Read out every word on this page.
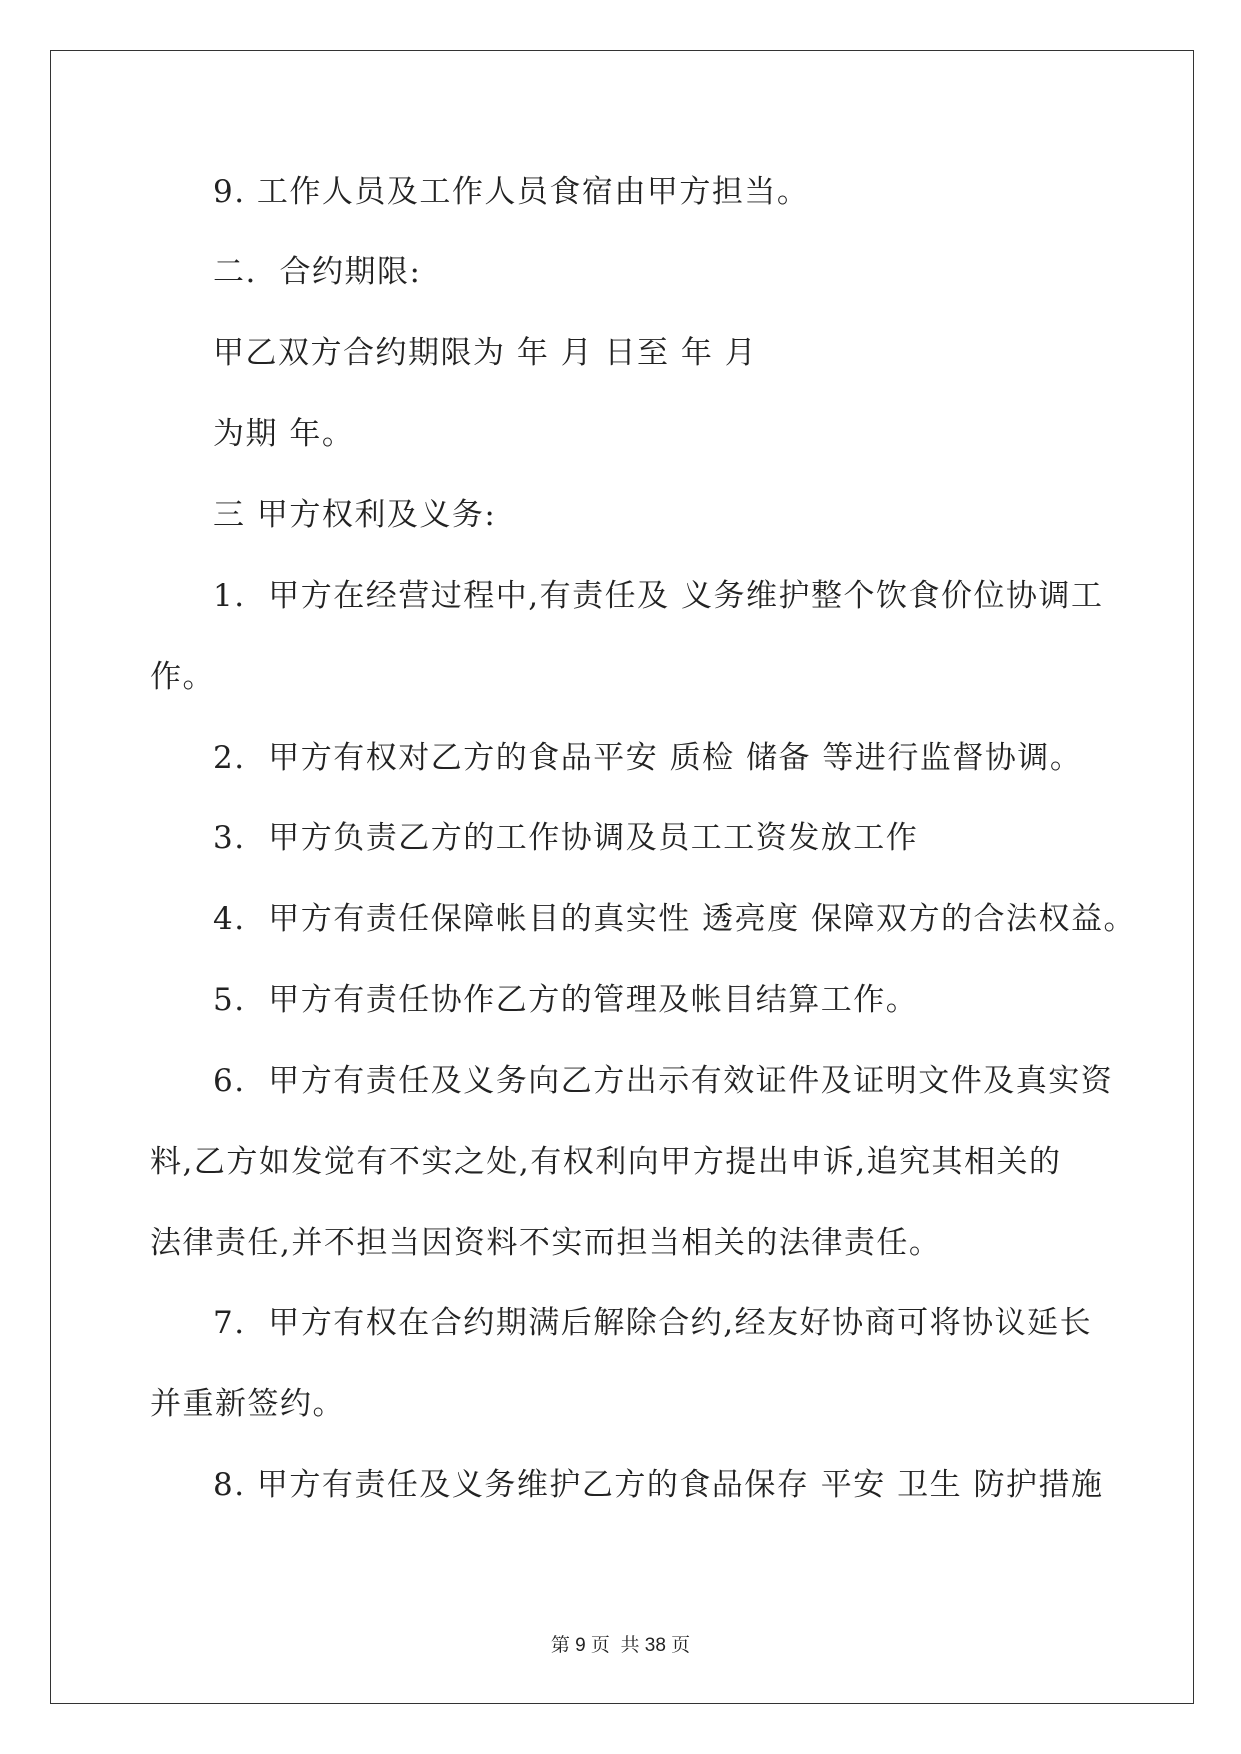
9. 工作人员及工作人员食宿由甲方担当。
二.  合约期限:
甲乙双方合约期限为 年 月 日至 年 月
为期 年。
三 甲方权利及义务:
1.  甲方在经营过程中,有责任及 义务维护整个饮食价位协调工
作。
2.  甲方有权对乙方的食品平安 质检 储备 等进行监督协调。
3.  甲方负责乙方的工作协调及员工工资发放工作
4.  甲方有责任保障帐目的真实性 透亮度 保障双方的合法权益。
5.  甲方有责任协作乙方的管理及帐目结算工作。
6.  甲方有责任及义务向乙方出示有效证件及证明文件及真实资
料,乙方如发觉有不实之处,有权利向甲方提出申诉,追究其相关的
法律责任,并不担当因资料不实而担当相关的法律责任。
7.  甲方有权在合约期满后解除合约,经友好协商可将协议延长
并重新签约。
8. 甲方有责任及义务维护乙方的食品保存 平安 卫生 防护措施
第 9 页  共 38 页
